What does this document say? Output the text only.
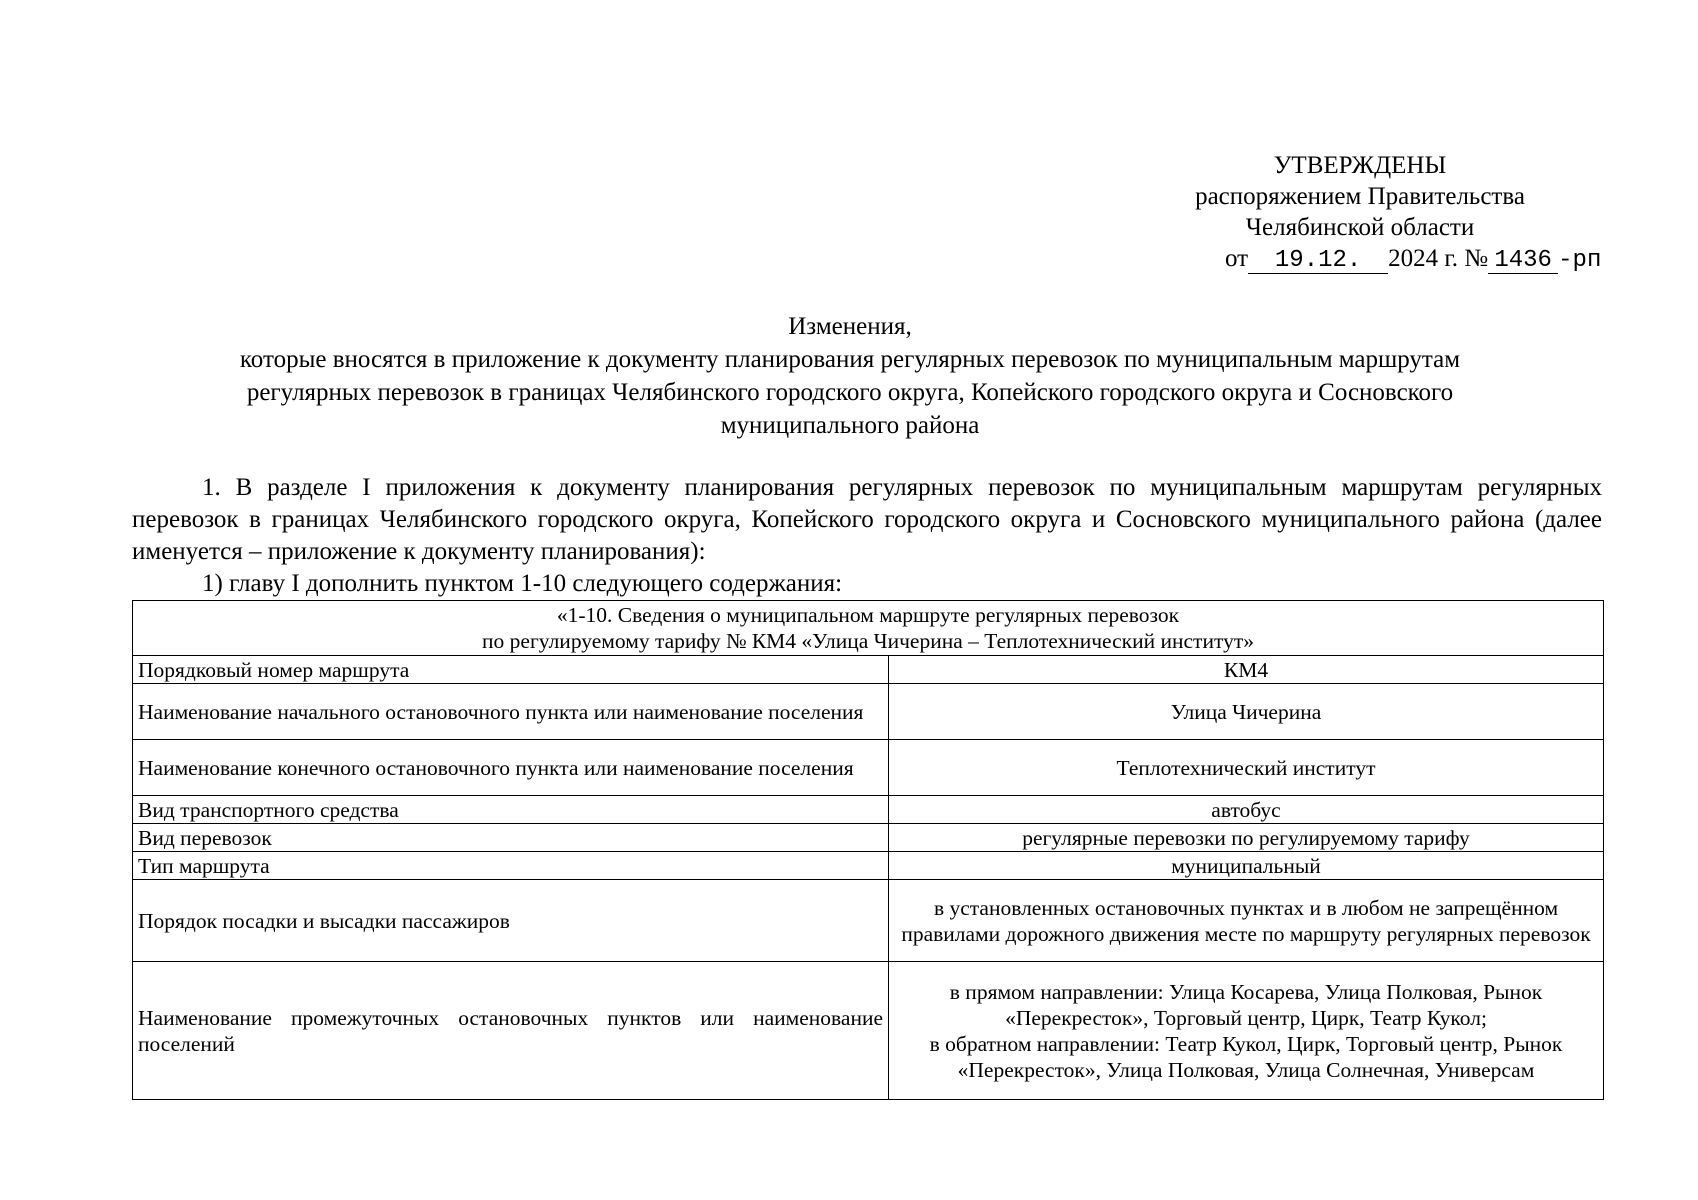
УТВЕРЖДЕНЫ
распоряжением Правительства
Челябинской области
от 19.12. 2024 г. № 1436 -рп
Изменения,
которые вносятся в приложение к документу планирования регулярных перевозок по муниципальным маршрутам
регулярных перевозок в границах Челябинского городского округа, Копейского городского округа и Сосновского
муниципального района

1. В разделе I приложения к документу планирования регулярных перевозок по муниципальным маршрутам регулярных перевозок в границах Челябинского городского округа, Копейского городского округа и Сосновского муниципального района (далее именуется – приложение к документу планирования):

1) главу I дополнить пунктом 1-10 следующего содержания:

«1-10. Сведения о муниципальном маршруте регулярных перевозок
по регулируемому тарифу № КМ4 «Улица Чичерина – Теплотехнический институт»	

Порядковый номер маршрута	КМ4
Наименование начального остановочного пункта или наименование поселения	Улица Чичерина
Наименование конечного остановочного пункта или наименование поселения	Теплотехнический институт
Вид транспортного средства	автобус
Вид перевозок	регулярные перевозки по регулируемому тарифу
Тип маршрута	муниципальный
Порядок посадки и высадки пассажиров	в установленных остановочных пунктах и в любом не запрещённом правилами дорожного движения месте по маршруту регулярных перевозок
Наименование промежуточных остановочных пунктов или наименование поселений	в прямом направлении: Улица Косарева, Улица Полковая, Рынок «Перекресток», Торговый центр, Цирк, Театр Кукол;
в обратном направлении: Театр Кукол, Цирк, Торговый центр, Рынок «Перекресток», Улица Полковая, Улица Солнечная, Универсам
